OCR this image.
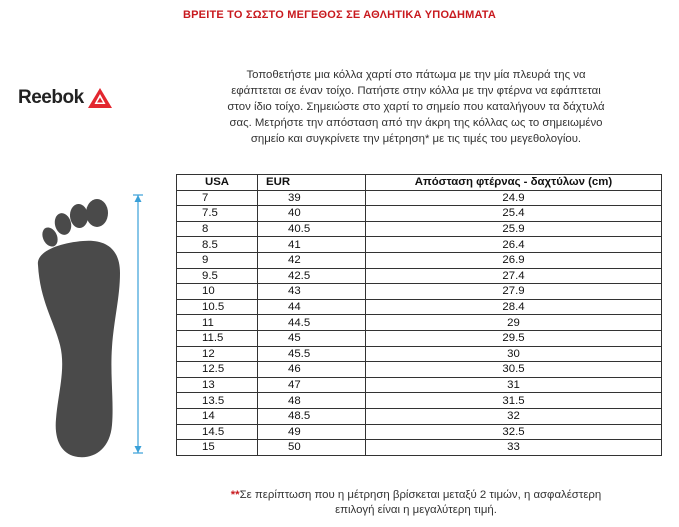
ΒΡΕΙΤΕ ΤΟ ΣΩΣΤΟ ΜΕΓΕΘΟΣ ΣΕ ΑΘΛΗΤΙΚΑ ΥΠΟΔΗΜΑΤΑ
Reebok
Τοποθετήστε μια κόλλα χαρτί στο πάτωμα με την μία πλευρά της να
εφάπτεται σε έναν τοίχο. Πατήστε στην κόλλα με την φτέρνα να εφάπτεται
στον ίδιο τοίχο. Σημειώστε στο χαρτί το σημείο που καταλήγουν τα δάχτυλά
σας. Μετρήστε την απόσταση από την άκρη της κόλλας ως το σημειωμένο
σημείο και συγκρίνετε την μέτρηση* με τις τιμές του μεγεθολογίου.
USA	EUR	Απόσταση φτέρνας - δαχτύλων (cm)
7	39	24.9
7.5	40	25.4
8	40.5	25.9
8.5	41	26.4
9	42	26.9
9.5	42.5	27.4
10	43	27.9
10.5	44	28.4
11	44.5	29
11.5	45	29.5
12	45.5	30
12.5	46	30.5
13	47	31
13.5	48	31.5
14	48.5	32
14.5	49	32.5
15	50	33
**Σε περίπτωση που η μέτρηση βρίσκεται μεταξύ 2 τιμών, η ασφαλέστερη
επιλογή είναι η μεγαλύτερη τιμή.
